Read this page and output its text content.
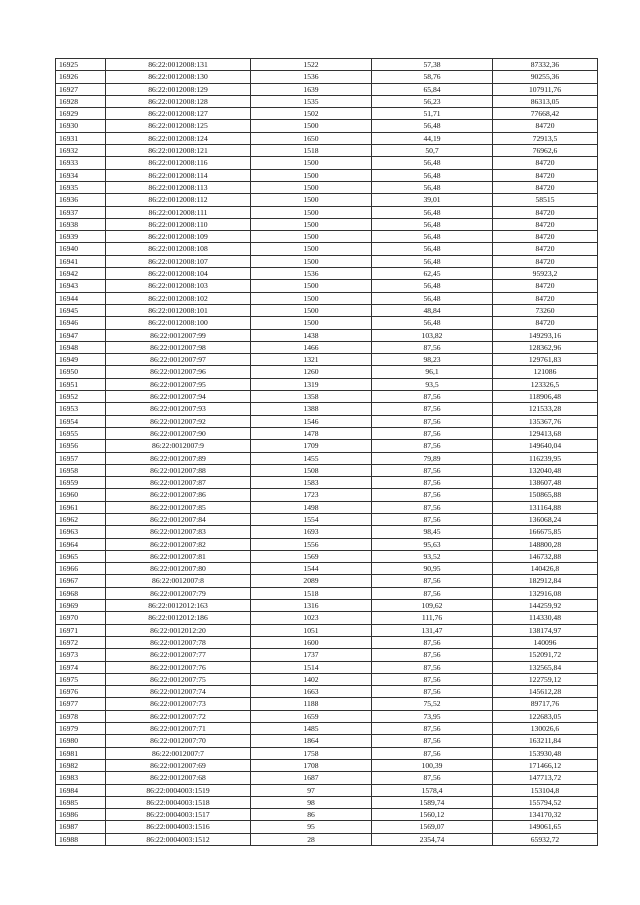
16925	86:22:0012008:131	1522	57,38	87332,36
16926	86:22:0012008:130	1536	58,76	90255,36
16927	86:22:0012008:129	1639	65,84	107911,76
16928	86:22:0012008:128	1535	56,23	86313,05
16929	86:22:0012008:127	1502	51,71	77668,42
16930	86:22:0012008:125	1500	56,48	84720
16931	86:22:0012008:124	1650	44,19	72913,5
16932	86:22:0012008:121	1518	50,7	76962,6
16933	86:22:0012008:116	1500	56,48	84720
16934	86:22:0012008:114	1500	56,48	84720
16935	86:22:0012008:113	1500	56,48	84720
16936	86:22:0012008:112	1500	39,01	58515
16937	86:22:0012008:111	1500	56,48	84720
16938	86:22:0012008:110	1500	56,48	84720
16939	86:22:0012008:109	1500	56,48	84720
16940	86:22:0012008:108	1500	56,48	84720
16941	86:22:0012008:107	1500	56,48	84720
16942	86:22:0012008:104	1536	62,45	95923,2
16943	86:22:0012008:103	1500	56,48	84720
16944	86:22:0012008:102	1500	56,48	84720
16945	86:22:0012008:101	1500	48,84	73260
16946	86:22:0012008:100	1500	56,48	84720
16947	86:22:0012007:99	1438	103,82	149293,16
16948	86:22:0012007:98	1466	87,56	128362,96
16949	86:22:0012007:97	1321	98,23	129761,83
16950	86:22:0012007:96	1260	96,1	121086
16951	86:22:0012007:95	1319	93,5	123326,5
16952	86:22:0012007:94	1358	87,56	118906,48
16953	86:22:0012007:93	1388	87,56	121533,28
16954	86:22:0012007:92	1546	87,56	135367,76
16955	86:22:0012007:90	1478	87,56	129413,68
16956	86:22:0012007:9	1709	87,56	149640,04
16957	86:22:0012007:89	1455	79,89	116239,95
16958	86:22:0012007:88	1508	87,56	132040,48
16959	86:22:0012007:87	1583	87,56	138607,48
16960	86:22:0012007:86	1723	87,56	150865,88
16961	86:22:0012007:85	1498	87,56	131164,88
16962	86:22:0012007:84	1554	87,56	136068,24
16963	86:22:0012007:83	1693	98,45	166675,85
16964	86:22:0012007:82	1556	95,63	148800,28
16965	86:22:0012007:81	1569	93,52	146732,88
16966	86:22:0012007:80	1544	90,95	140426,8
16967	86:22:0012007:8	2089	87,56	182912,84
16968	86:22:0012007:79	1518	87,56	132916,08
16969	86:22:0012012:163	1316	109,62	144259,92
16970	86:22:0012012:186	1023	111,76	114330,48
16971	86:22:0012012:20	1051	131,47	138174,97
16972	86:22:0012007:78	1600	87,56	140096
16973	86:22:0012007:77	1737	87,56	152091,72
16974	86:22:0012007:76	1514	87,56	132565,84
16975	86:22:0012007:75	1402	87,56	122759,12
16976	86:22:0012007:74	1663	87,56	145612,28
16977	86:22:0012007:73	1188	75,52	89717,76
16978	86:22:0012007:72	1659	73,95	122683,05
16979	86:22:0012007:71	1485	87,56	130026,6
16980	86:22:0012007:70	1864	87,56	163211,84
16981	86:22:0012007:7	1758	87,56	153930,48
16982	86:22:0012007:69	1708	100,39	171466,12
16983	86:22:0012007:68	1687	87,56	147713,72
16984	86:22:0004003:1519	97	1578,4	153104,8
16985	86:22:0004003:1518	98	1589,74	155794,52
16986	86:22:0004003:1517	86	1560,12	134170,32
16987	86:22:0004003:1516	95	1569,07	149061,65
16988	86:22:0004003:1512	28	2354,74	65932,72
